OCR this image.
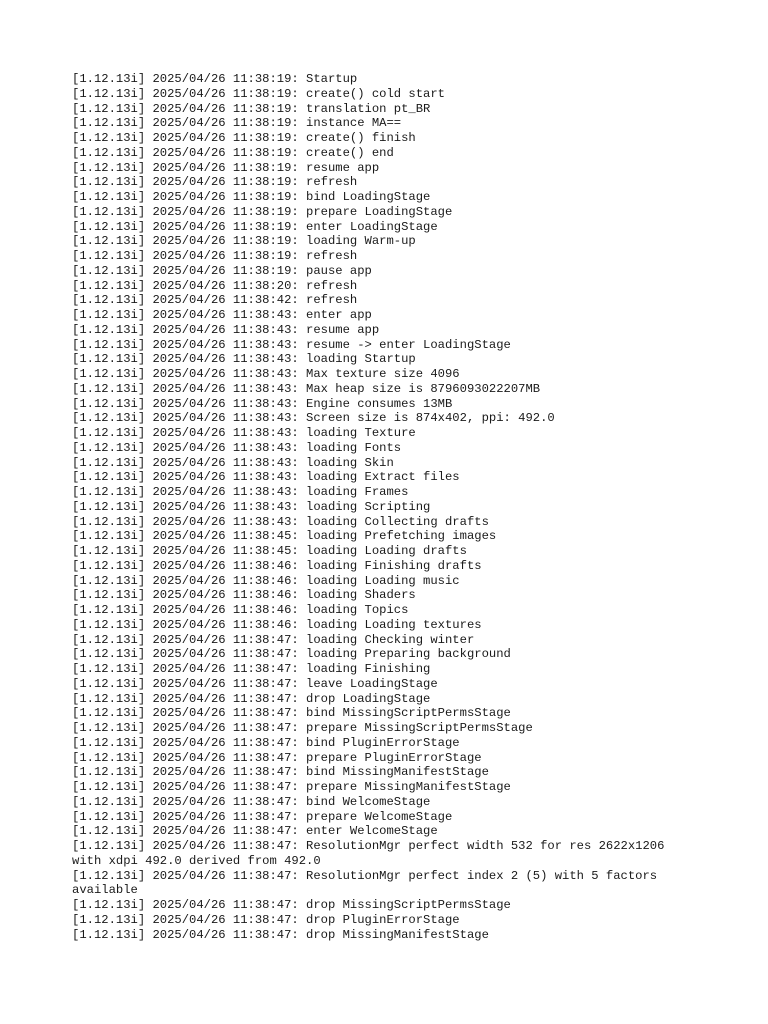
[1.12.13i] 2025/04/26 11:38:19: Startup
[1.12.13i] 2025/04/26 11:38:19: create() cold start
[1.12.13i] 2025/04/26 11:38:19: translation pt_BR
[1.12.13i] 2025/04/26 11:38:19: instance MA==
[1.12.13i] 2025/04/26 11:38:19: create() finish
[1.12.13i] 2025/04/26 11:38:19: create() end
[1.12.13i] 2025/04/26 11:38:19: resume app
[1.12.13i] 2025/04/26 11:38:19: refresh
[1.12.13i] 2025/04/26 11:38:19: bind LoadingStage
[1.12.13i] 2025/04/26 11:38:19: prepare LoadingStage
[1.12.13i] 2025/04/26 11:38:19: enter LoadingStage
[1.12.13i] 2025/04/26 11:38:19: loading Warm-up
[1.12.13i] 2025/04/26 11:38:19: refresh
[1.12.13i] 2025/04/26 11:38:19: pause app
[1.12.13i] 2025/04/26 11:38:20: refresh
[1.12.13i] 2025/04/26 11:38:42: refresh
[1.12.13i] 2025/04/26 11:38:43: enter app
[1.12.13i] 2025/04/26 11:38:43: resume app
[1.12.13i] 2025/04/26 11:38:43: resume -> enter LoadingStage
[1.12.13i] 2025/04/26 11:38:43: loading Startup
[1.12.13i] 2025/04/26 11:38:43: Max texture size 4096
[1.12.13i] 2025/04/26 11:38:43: Max heap size is 8796093022207MB
[1.12.13i] 2025/04/26 11:38:43: Engine consumes 13MB
[1.12.13i] 2025/04/26 11:38:43: Screen size is 874x402, ppi: 492.0
[1.12.13i] 2025/04/26 11:38:43: loading Texture
[1.12.13i] 2025/04/26 11:38:43: loading Fonts
[1.12.13i] 2025/04/26 11:38:43: loading Skin
[1.12.13i] 2025/04/26 11:38:43: loading Extract files
[1.12.13i] 2025/04/26 11:38:43: loading Frames
[1.12.13i] 2025/04/26 11:38:43: loading Scripting
[1.12.13i] 2025/04/26 11:38:43: loading Collecting drafts
[1.12.13i] 2025/04/26 11:38:45: loading Prefetching images
[1.12.13i] 2025/04/26 11:38:45: loading Loading drafts
[1.12.13i] 2025/04/26 11:38:46: loading Finishing drafts
[1.12.13i] 2025/04/26 11:38:46: loading Loading music
[1.12.13i] 2025/04/26 11:38:46: loading Shaders
[1.12.13i] 2025/04/26 11:38:46: loading Topics
[1.12.13i] 2025/04/26 11:38:46: loading Loading textures
[1.12.13i] 2025/04/26 11:38:47: loading Checking winter
[1.12.13i] 2025/04/26 11:38:47: loading Preparing background
[1.12.13i] 2025/04/26 11:38:47: loading Finishing
[1.12.13i] 2025/04/26 11:38:47: leave LoadingStage
[1.12.13i] 2025/04/26 11:38:47: drop LoadingStage
[1.12.13i] 2025/04/26 11:38:47: bind MissingScriptPermsStage
[1.12.13i] 2025/04/26 11:38:47: prepare MissingScriptPermsStage
[1.12.13i] 2025/04/26 11:38:47: bind PluginErrorStage
[1.12.13i] 2025/04/26 11:38:47: prepare PluginErrorStage
[1.12.13i] 2025/04/26 11:38:47: bind MissingManifestStage
[1.12.13i] 2025/04/26 11:38:47: prepare MissingManifestStage
[1.12.13i] 2025/04/26 11:38:47: bind WelcomeStage
[1.12.13i] 2025/04/26 11:38:47: prepare WelcomeStage
[1.12.13i] 2025/04/26 11:38:47: enter WelcomeStage
[1.12.13i] 2025/04/26 11:38:47: ResolutionMgr perfect width 532 for res 2622x1206 with xdpi 492.0 derived from 492.0
[1.12.13i] 2025/04/26 11:38:47: ResolutionMgr perfect index 2 (5) with 5 factors available
[1.12.13i] 2025/04/26 11:38:47: drop MissingScriptPermsStage
[1.12.13i] 2025/04/26 11:38:47: drop PluginErrorStage
[1.12.13i] 2025/04/26 11:38:47: drop MissingManifestStage
